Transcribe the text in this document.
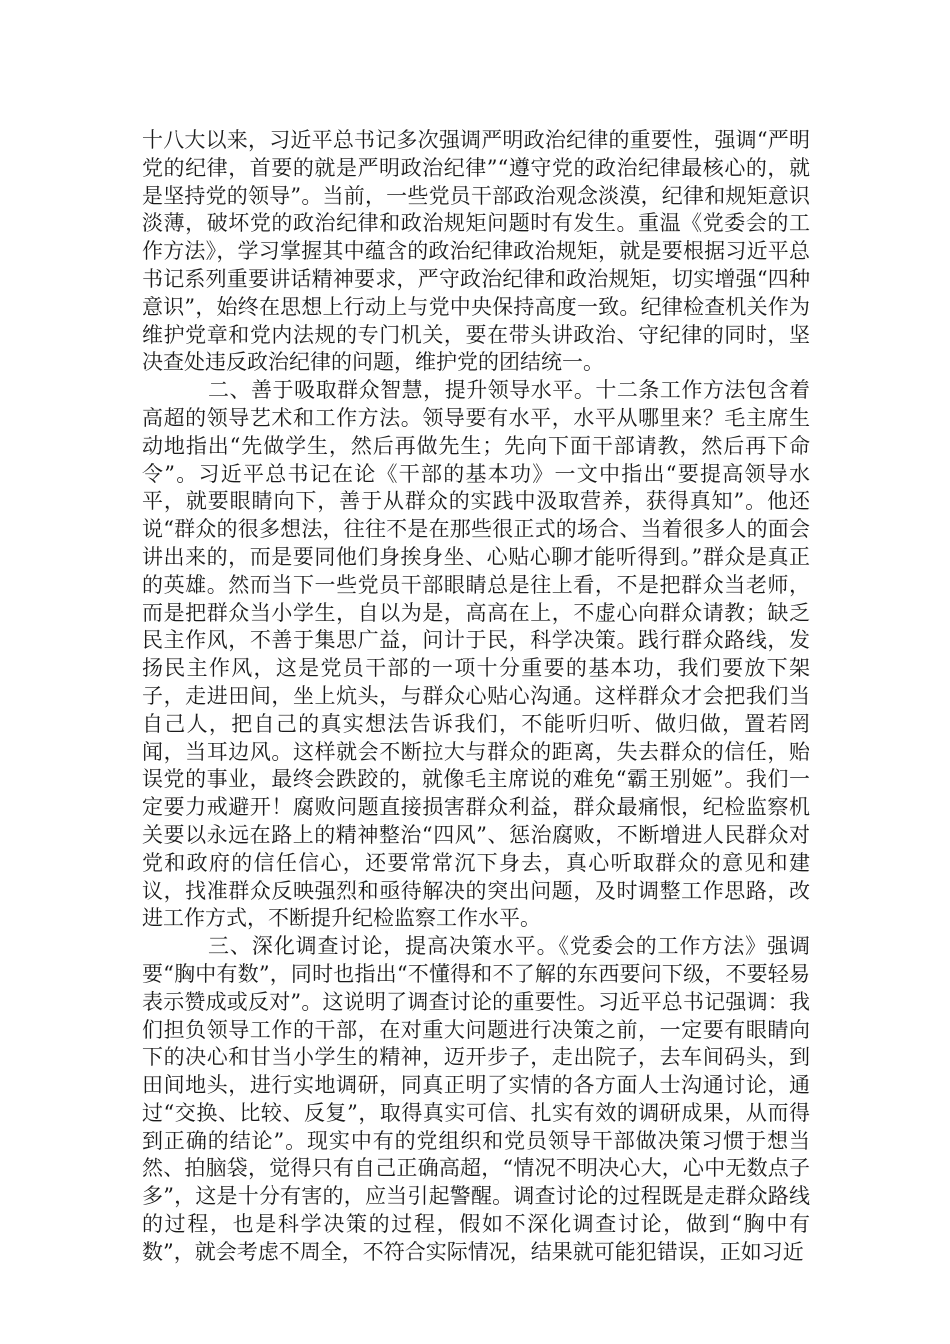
十八大以来，习近平总书记多次强调严明政治纪律的重要性，强调“严明党的纪律，首要的就是严明政治纪律”“遵守党的政治纪律最核心的，就是坚持党的领导”。当前，一些党员干部政治观念淡漠，纪律和规矩意识淡薄，破坏党的政治纪律和政治规矩问题时有发生。重温《党委会的工作方法》，学习掌握其中蕴含的政治纪律政治规矩，就是要根据习近平总书记系列重要讲话精神要求，严守政治纪律和政治规矩，切实增强“四种意识”，始终在思想上行动上与党中央保持高度一致。纪律检查机关作为维护党章和党内法规的专门机关，要在带头讲政治、守纪律的同时，坚决查处违反政治纪律的问题，维护党的团结统一。

二、善于吸取群众智慧，提升领导水平。十二条工作方法包含着高超的领导艺术和工作方法。领导要有水平，水平从哪里来？毛主席生动地指出“先做学生，然后再做先生；先向下面干部请教，然后再下命令”。习近平总书记在论《干部的基本功》一文中指出“要提高领导水平，就要眼睛向下，善于从群众的实践中汲取营养，获得真知”。他还说“群众的很多想法，往往不是在那些很正式的场合、当着很多人的面会讲出来的，而是要同他们身挨身坐、心贴心聊才能听得到。”群众是真正的英雄。然而当下一些党员干部眼睛总是往上看，不是把群众当老师，而是把群众当小学生，自以为是，高高在上，不虚心向群众请教；缺乏民主作风，不善于集思广益，问计于民，科学决策。践行群众路线，发扬民主作风，这是党员干部的一项十分重要的基本功，我们要放下架子，走进田间，坐上炕头，与群众心贴心沟通。这样群众才会把我们当自己人，把自己的真实想法告诉我们，不能听归听、做归做，置若罔闻，当耳边风。这样就会不断拉大与群众的距离，失去群众的信任，贻误党的事业，最终会跌跤的，就像毛主席说的难免“霸王别姬”。我们一定要力戒避开！腐败问题直接损害群众利益，群众最痛恨，纪检监察机关要以永远在路上的精神整治“四风”、惩治腐败，不断增进人民群众对党和政府的信任信心，还要常常沉下身去，真心听取群众的意见和建议，找准群众反映强烈和亟待解决的突出问题，及时调整工作思路，改进工作方式，不断提升纪检监察工作水平。

三、深化调查讨论，提高决策水平。《党委会的工作方法》强调要“胸中有数”，同时也指出“不懂得和不了解的东西要问下级，不要轻易表示赞成或反对”。这说明了调查讨论的重要性。习近平总书记强调：我们担负领导工作的干部，在对重大问题进行决策之前，一定要有眼睛向下的决心和甘当小学生的精神，迈开步子，走出院子，去车间码头，到田间地头，进行实地调研，同真正明了实情的各方面人士沟通讨论，通过“交换、比较、反复”，取得真实可信、扎实有效的调研成果，从而得到正确的结论”。现实中有的党组织和党员领导干部做决策习惯于想当然、拍脑袋，觉得只有自己正确高超，“情况不明决心大，心中无数点子多”，这是十分有害的，应当引起警醒。调查讨论的过程既是走群众路线的过程，也是科学决策的过程，假如不深化调查讨论，做到“胸中有数”，就会考虑不周全，不符合实际情况，结果就可能犯错误，正如习近
